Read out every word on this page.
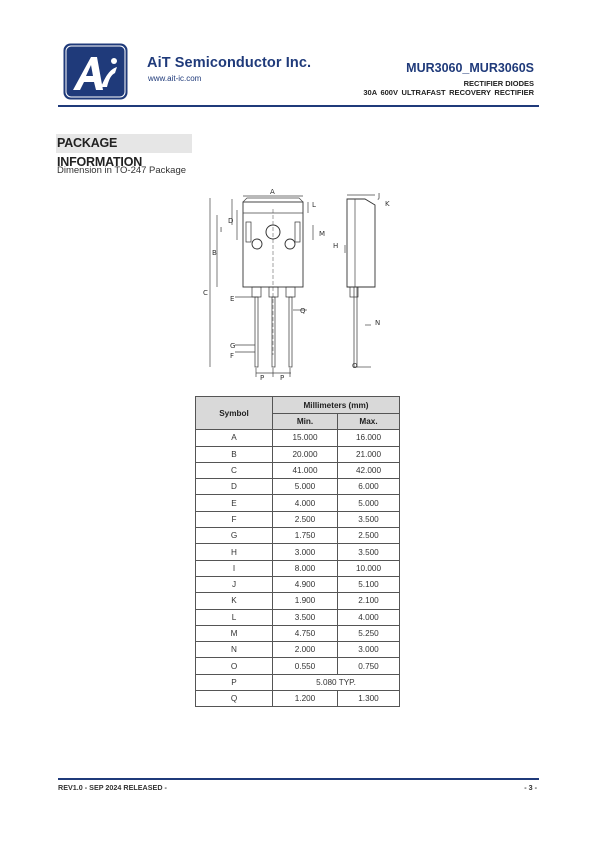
AiT Semiconductor Inc.
www.ait-ic.com
MUR3060_MUR3060S
RECTIFIER DIODES
30A 600V ULTRAFAST RECOVERY RECTIFIER
PACKAGE INFORMATION
Dimension in TO-247 Package
A
B
C
D
E
F
G
H
I
J
K
L
M
N
O
P P
Q
Symbol	Millimeters (mm)	
	Min.	Max.
A	15.000	16.000
B	20.000	21.000
C	41.000	42.000
D	5.000	6.000
E	4.000	5.000
F	2.500	3.500
G	1.750	2.500
H	3.000	3.500
I	8.000	10.000
J	4.900	5.100
K	1.900	2.100
L	3.500	4.000
M	4.750	5.250
N	2.000	3.000
O	0.550	0.750
P	5.080 TYP.	
Q	1.200	1.300
REV1.0 - SEP 2024 RELEASED -	- 3 -
